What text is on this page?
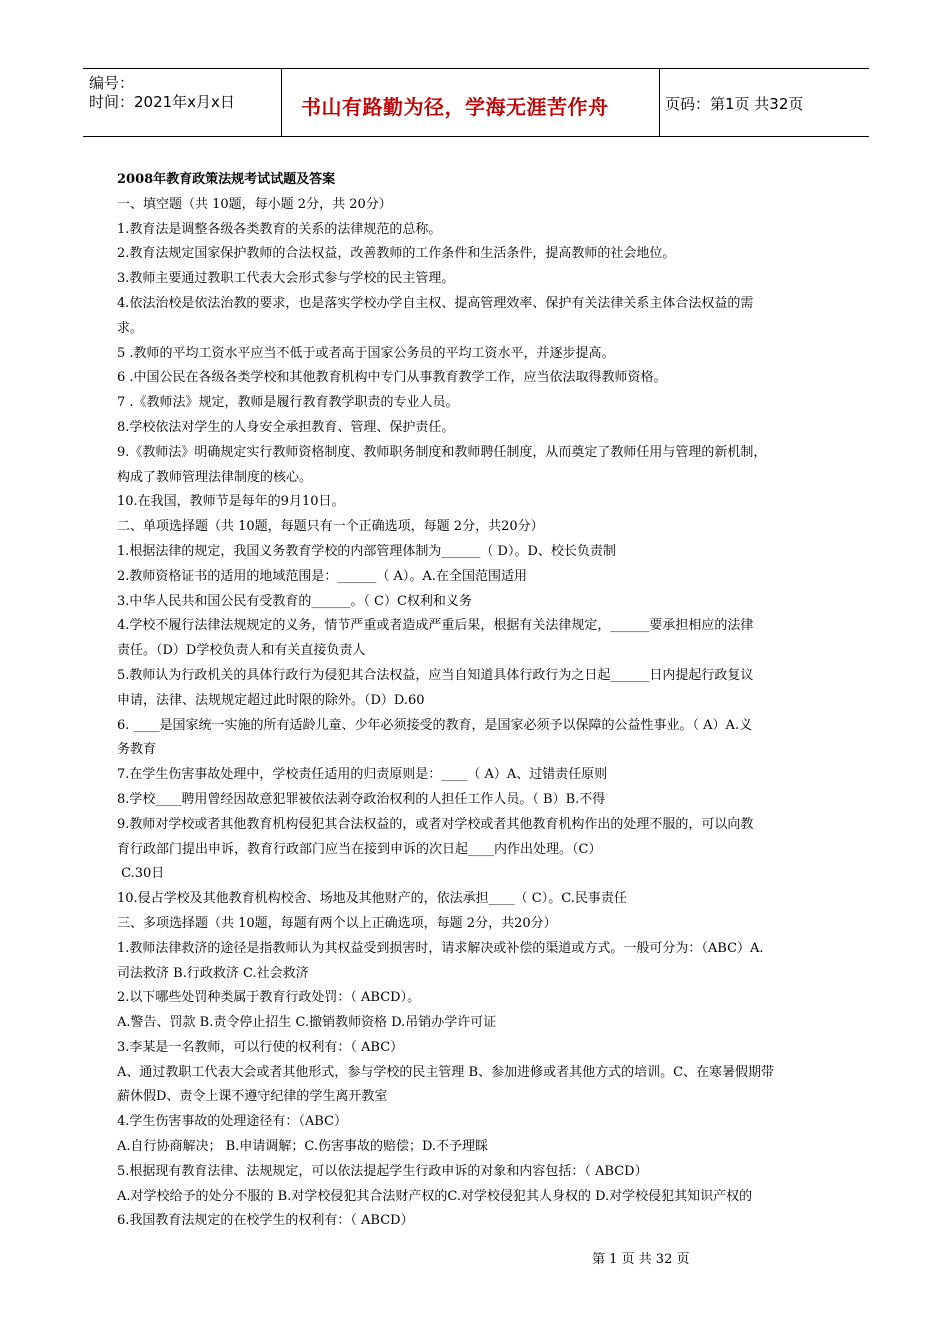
编号：
时间：2021年x月x日	书山有路勤为径，学海无涯苦作舟	页码：第1页 共32页

2008年教育政策法规考试试题及答案

一、填空题（共 10题，每小题 2分，共 20分）

1.教育法是调整各级各类教育的关系的法律规范的总称。

2.教育法规定国家保护教师的合法权益，改善教师的工作条件和生活条件，提高教师的社会地位。

3.教师主要通过教职工代表大会形式参与学校的民主管理。

4.依法治校是依法治教的要求，也是落实学校办学自主权、提高管理效率、保护有关法律关系主体合法权益的需

求。

5 .教师的平均工资水平应当不低于或者高于国家公务员的平均工资水平，并逐步提高。

6 .中国公民在各级各类学校和其他教育机构中专门从事教育教学工作，应当依法取得教师资格。

7 .《教师法》规定，教师是履行教育教学职责的专业人员。

8.学校依法对学生的人身安全承担教育、管理、保护责任。

9.《教师法》明确规定实行教师资格制度、教师职务制度和教师聘任制度，从而奠定了教师任用与管理的新机制，

构成了教师管理法律制度的核心。

10.在我国，教师节是每年的9月10日。

二、单项选择题（共 10题，每题只有一个正确选项，每题 2分，共20分）

1.根据法律的规定，我国义务教育学校的内部管理体制为______（ D）。D、校长负责制

2.教师资格证书的适用的地域范围是：______（ A）。A.在全国范围适用

3.中华人民共和国公民有受教育的______。（ C）C权利和义务

4.学校不履行法律法规规定的义务，情节严重或者造成严重后果，根据有关法律规定，______要承担相应的法律

责任。（D）D学校负责人和有关直接负责人

5.教师认为行政机关的具体行政行为侵犯其合法权益，应当自知道具体行政行为之日起______日内提起行政复议

申请，法律、法规规定超过此时限的除外。（D）D.60

6. ____是国家统一实施的所有适龄儿童、少年必须接受的教育，是国家必须予以保障的公益性事业。（ A）A.义

务教育

7.在学生伤害事故处理中，学校责任适用的归责原则是：____（ A）A、过错责任原则

8.学校____聘用曾经因故意犯罪被依法剥夺政治权利的人担任工作人员。（ B）B.不得

9.教师对学校或者其他教育机构侵犯其合法权益的，或者对学校或者其他教育机构作出的处理不服的，可以向教

育行政部门提出申诉，教育行政部门应当在接到申诉的次日起____内作出处理。（C）

C.30日

10.侵占学校及其他教育机构校舍、场地及其他财产的，依法承担____（ C）。C.民事责任

三、多项选择题（共 10题，每题有两个以上正确选项，每题 2分，共20分）

1.教师法律救济的途径是指教师认为其权益受到损害时，请求解决或补偿的渠道或方式。一般可分为：（ABC）A.

司法救济 B.行政救济 C.社会救济

2.以下哪些处罚种类属于教育行政处罚：（ ABCD）。

A.警告、罚款 B.责令停止招生 C.撤销教师资格 D.吊销办学许可证

3.李某是一名教师，可以行使的权利有：（ ABC）

A、通过教职工代表大会或者其他形式，参与学校的民主管理 B、参加进修或者其他方式的培训。C、在寒暑假期带

薪休假D、责令上课不遵守纪律的学生离开教室

4.学生伤害事故的处理途径有：（ABC）

A.自行协商解决； B.申请调解；C.伤害事故的赔偿；D.不予理睬

5.根据现有教育法律、法规规定，可以依法提起学生行政申诉的对象和内容包括：（ ABCD）

A.对学校给予的处分不服的 B.对学校侵犯其合法财产权的C.对学校侵犯其人身权的 D.对学校侵犯其知识产权的

6.我国教育法规定的在校学生的权利有：（ ABCD）

第 1 页 共 32 页
